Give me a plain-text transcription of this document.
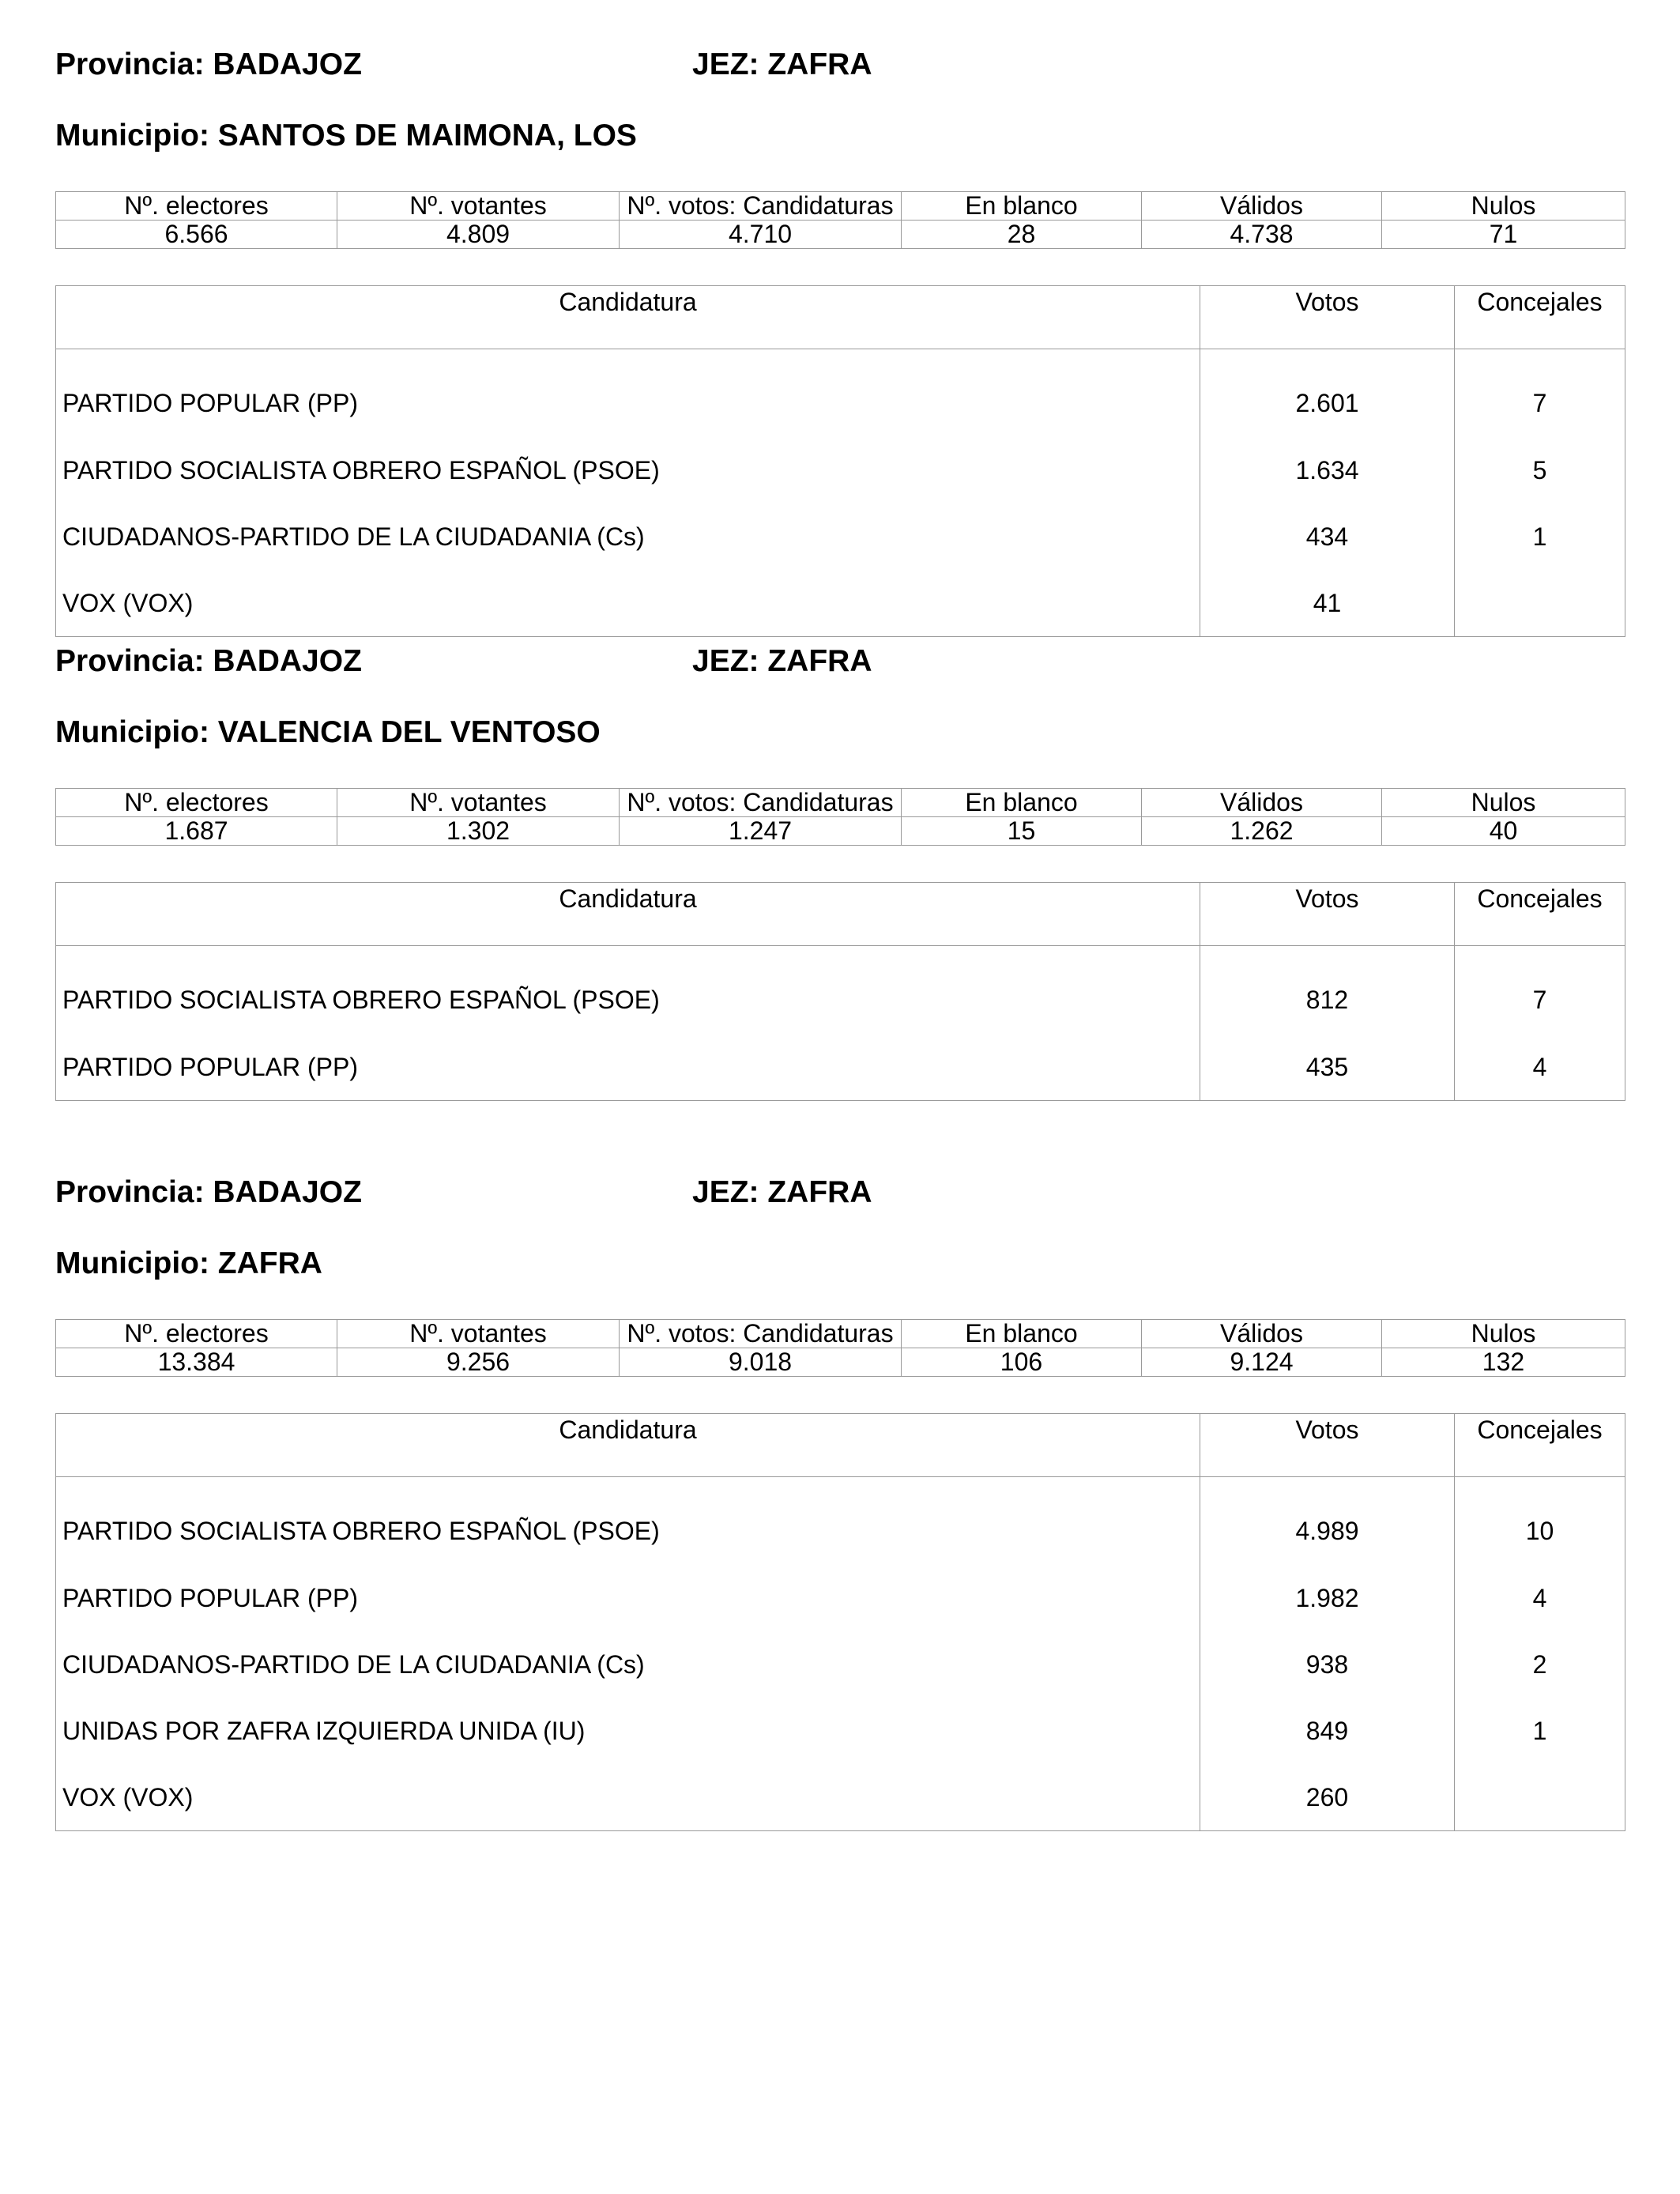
Provincia: BADAJOZ	JEZ: ZAFRA
Municipio: SANTOS DE MAIMONA, LOS
Nº. electores	Nº. votantes	Nº. votos: Candidaturas	En blanco	Válidos	Nulos
6.566	4.809	4.710	28	4.738	71
Candidatura	Votos	Concejales
PARTIDO POPULAR (PP)	2.601	7
PARTIDO SOCIALISTA OBRERO ESPAÑOL (PSOE)	1.634	5
CIUDADANOS-PARTIDO DE LA CIUDADANIA (Cs)	434	1
VOX (VOX)	41	
Provincia: BADAJOZ	JEZ: ZAFRA
Municipio: VALENCIA DEL VENTOSO
Nº. electores	Nº. votantes	Nº. votos: Candidaturas	En blanco	Válidos	Nulos
1.687	1.302	1.247	15	1.262	40
Candidatura	Votos	Concejales
PARTIDO SOCIALISTA OBRERO ESPAÑOL (PSOE)	812	7
PARTIDO POPULAR (PP)	435	4
Provincia: BADAJOZ	JEZ: ZAFRA
Municipio: ZAFRA
Nº. electores	Nº. votantes	Nº. votos: Candidaturas	En blanco	Válidos	Nulos
13.384	9.256	9.018	106	9.124	132
Candidatura	Votos	Concejales
PARTIDO SOCIALISTA OBRERO ESPAÑOL (PSOE)	4.989	10
PARTIDO POPULAR (PP)	1.982	4
CIUDADANOS-PARTIDO DE LA CIUDADANIA (Cs)	938	2
UNIDAS POR ZAFRA IZQUIERDA UNIDA (IU)	849	1
VOX (VOX)	260	
